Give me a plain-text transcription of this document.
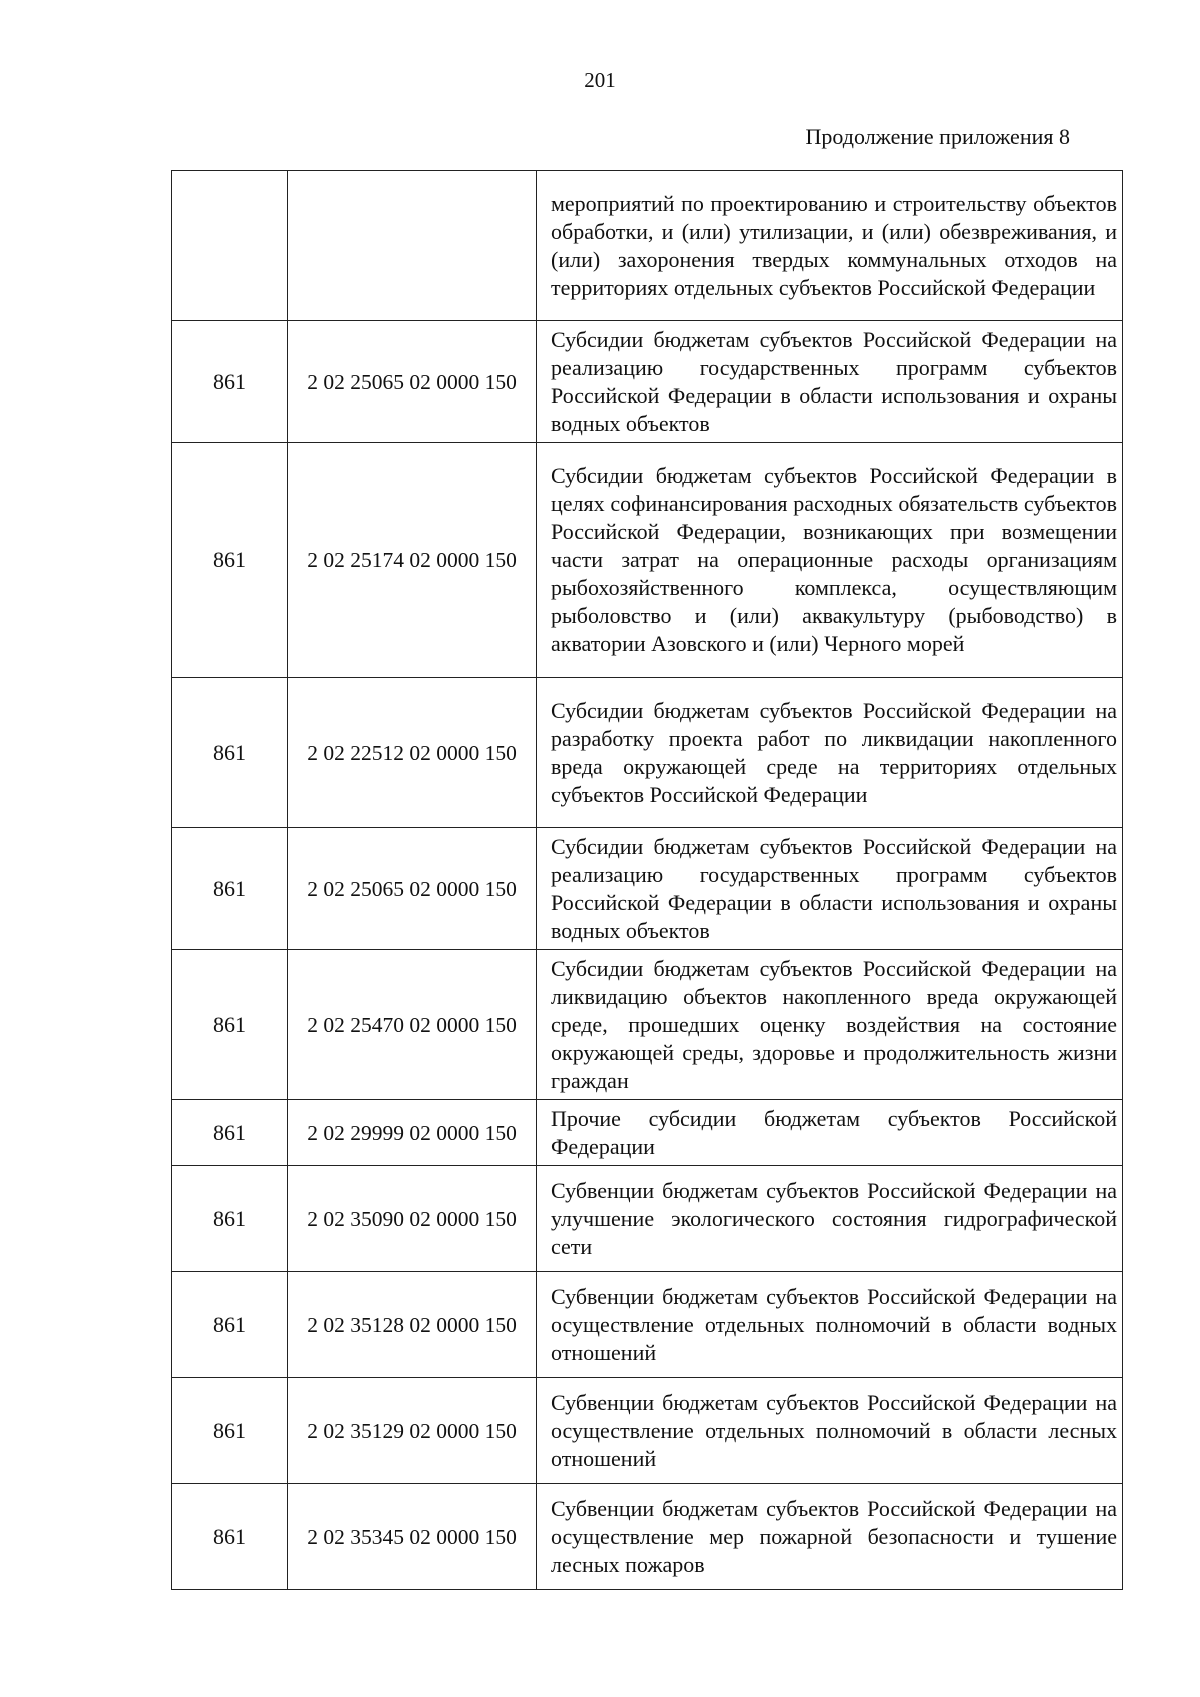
201
Продолжение приложения 8
		мероприятий по проектированию и строительству объектов обработки, и (или) утилизации, и (или) обезвреживания, и (или) захоронения твердых коммунальных отходов на территориях отдельных субъектов Российской Федерации
861	2 02 25065 02 0000 150	Субсидии бюджетам субъектов Российской Федерации на реализацию государственных программ субъектов Российской Федерации в области использования и охраны водных объектов
861	2 02 25174 02 0000 150	Субсидии бюджетам субъектов Российской Федерации в целях софинансирования расходных обязательств субъектов Российской Федерации, возникающих при возмещении части затрат на операционные расходы организациям рыбохозяйственного комплекса, осуществляющим рыболовство и (или) аквакультуру (рыбоводство) в акватории Азовского и (или) Черного морей
861	2 02 22512 02 0000 150	Субсидии бюджетам субъектов Российской Федерации на разработку проекта работ по ликвидации накопленного вреда окружающей среде на территориях отдельных субъектов Российской Федерации
861	2 02 25065 02 0000 150	Субсидии бюджетам субъектов Российской Федерации на реализацию государственных программ субъектов Российской Федерации в области использования и охраны водных объектов
861	2 02 25470 02 0000 150	Субсидии бюджетам субъектов Российской Федерации на ликвидацию объектов накопленного вреда окружающей среде, прошедших оценку воздействия на состояние окружающей среды, здоровье и продолжительность жизни граждан
861	2 02 29999 02 0000 150	Прочие субсидии бюджетам субъектов Российской Федерации
861	2 02 35090 02 0000 150	Субвенции бюджетам субъектов Российской Федерации на улучшение экологического состояния гидрографической сети
861	2 02 35128 02 0000 150	Субвенции бюджетам субъектов Российской Федерации на осуществление отдельных полномочий в области водных отношений
861	2 02 35129 02 0000 150	Субвенции бюджетам субъектов Российской Федерации на осуществление отдельных полномочий в области лесных отношений
861	2 02 35345 02 0000 150	Субвенции бюджетам субъектов Российской Федерации на осуществление мер пожарной безопасности и тушение лесных пожаров
